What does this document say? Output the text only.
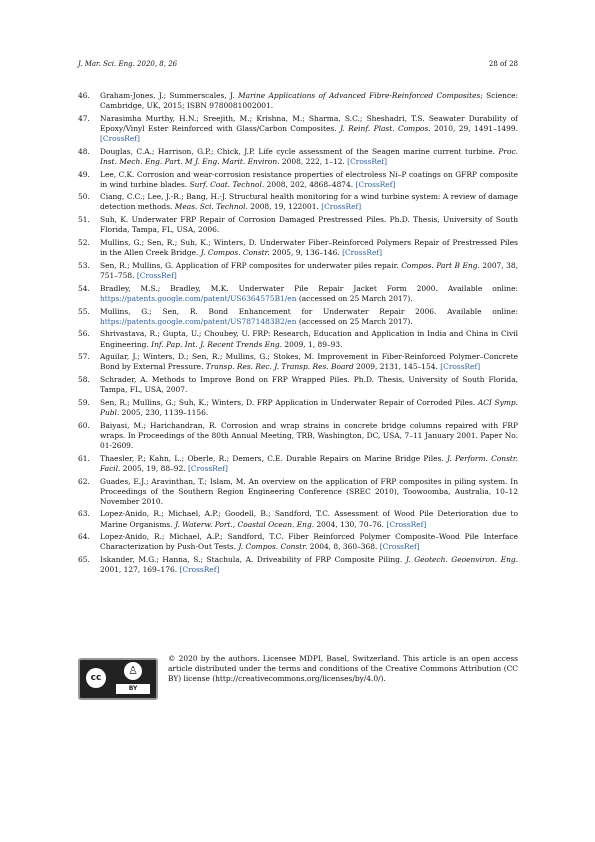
J. Mar. Sci. Eng. 2020, 8, 26	28 of 28
46.	Graham-Jones, J.; Summerscales, J. Marine Applications of Advanced Fibre-Reinforced Composites; Science: Cambridge, UK, 2015; ISBN 9780081002001.
47.	Narasimha Murthy, H.N.; Sreejith, M.; Krishna, M.; Sharma, S.C.; Sheshadri, T.S. Seawater Durability of Epoxy/Vinyl Ester Reinforced with Glass/Carbon Composites. J. Reinf. Plast. Compos. 2010, 29, 1491–1499. [CrossRef]
48.	Douglas, C.A.; Harrison, G.P.; Chick, J.P. Life cycle assessment of the Seagen marine current turbine. Proc. Inst. Mech. Eng. Part. M J. Eng. Marit. Environ. 2008, 222, 1–12. [CrossRef]
49.	Lee, C.K. Corrosion and wear-corrosion resistance properties of electroless Ni–P coatings on GFRP composite in wind turbine blades. Surf. Coat. Technol. 2008, 202, 4868–4874. [CrossRef]
50.	Ciang, C.C.; Lee, J.-R.; Bang, H.-J. Structural health monitoring for a wind turbine system: A review of damage detection methods. Meas. Sci. Technol. 2008, 19, 122001. [CrossRef]
51.	Suh, K. Underwater FRP Repair of Corrosion Damaged Prestressed Piles. Ph.D. Thesis, University of South Florida, Tampa, FL, USA, 2006.
52.	Mullins, G.; Sen, R.; Suh, K.; Winters, D. Underwater Fiber–Reinforced Polymers Repair of Prestressed Piles in the Allen Creek Bridge. J. Compos. Constr. 2005, 9, 136–146. [CrossRef]
53.	Sen, R.; Mullins, G. Application of FRP composites for underwater piles repair. Compos. Part B Eng. 2007, 38, 751–758. [CrossRef]
54.	Bradley, M.S.; Bradley, M.K. Underwater Pile Repair Jacket Form 2000. Available online: https://patents.google.com/patent/US6364575B1/en (accessed on 25 March 2017).
55.	Mullins, G.; Sen, R. Bond Enhancement for Underwater Repair 2006. Available online: https://patents.google.com/patent/US7871483B2/en (accessed on 25 March 2017).
56.	Shrivastava, R.; Gupta, U.; Choubey, U. FRP: Research, Education and Application in India and China in Civil Engineering. Inf. Pap. Int. J. Recent Trends Eng. 2009, 1, 89–93.
57.	Aguilar, J.; Winters, D.; Sen, R.; Mullins, G.; Stokes, M. Improvement in Fiber-Reinforced Polymer–Concrete Bond by External Pressure. Transp. Res. Rec. J. Transp. Res. Board 2009, 2131, 145–154. [CrossRef]
58.	Schrader, A. Methods to Improve Bond on FRP Wrapped Piles. Ph.D. Thesis, University of South Florida, Tampa, FL, USA, 2007.
59.	Sen, R.; Mullins, G.; Suh, K.; Winters, D. FRP Application in Underwater Repair of Corroded Piles. ACI Symp. Publ. 2005, 230, 1139–1156.
60.	Baiyasi, M.; Harichandran, R. Corrosion and wrap strains in concrete bridge columns repaired with FRP wraps. In Proceedings of the 80th Annual Meeting, TRB, Washington, DC, USA, 7–11 January 2001. Paper No. 01-2609.
61.	Thaesler, P.; Kahn, L.; Oberle, R.; Demers, C.E. Durable Repairs on Marine Bridge Piles. J. Perform. Constr. Facil. 2005, 19, 88–92. [CrossRef]
62.	Guades, E.J.; Aravinthan, T.; Islam, M. An overview on the application of FRP composites in piling system. In Proceedings of the Southern Region Engineering Conference (SREC 2010), Toowoomba, Australia, 10–12 November 2010.
63.	Lopez-Anido, R.; Michael, A.P.; Goodell, B.; Sandford, T.C. Assessment of Wood Pile Deterioration due to Marine Organisms. J. Waterw. Port., Coastal Ocean. Eng. 2004, 130, 70–76. [CrossRef]
64.	Lopez-Anido, R.; Michael, A.P.; Sandford, T.C. Fiber Reinforced Polymer Composite–Wood Pile Interface Characterization by Push-Out Tests. J. Compos. Constr. 2004, 8, 360–368. [CrossRef]
65.	Iskander, M.G.; Hanna, S.; Stachula, A. Driveability of FRP Composite Piling. J. Geotech. Geoenviron. Eng. 2001, 127, 169–176. [CrossRef]
cc
♙
BY
© 2020 by the authors. Licensee MDPI, Basel, Switzerland. This article is an open access article distributed under the terms and conditions of the Creative Commons Attribution (CC BY) license (http://creativecommons.org/licenses/by/4.0/).
